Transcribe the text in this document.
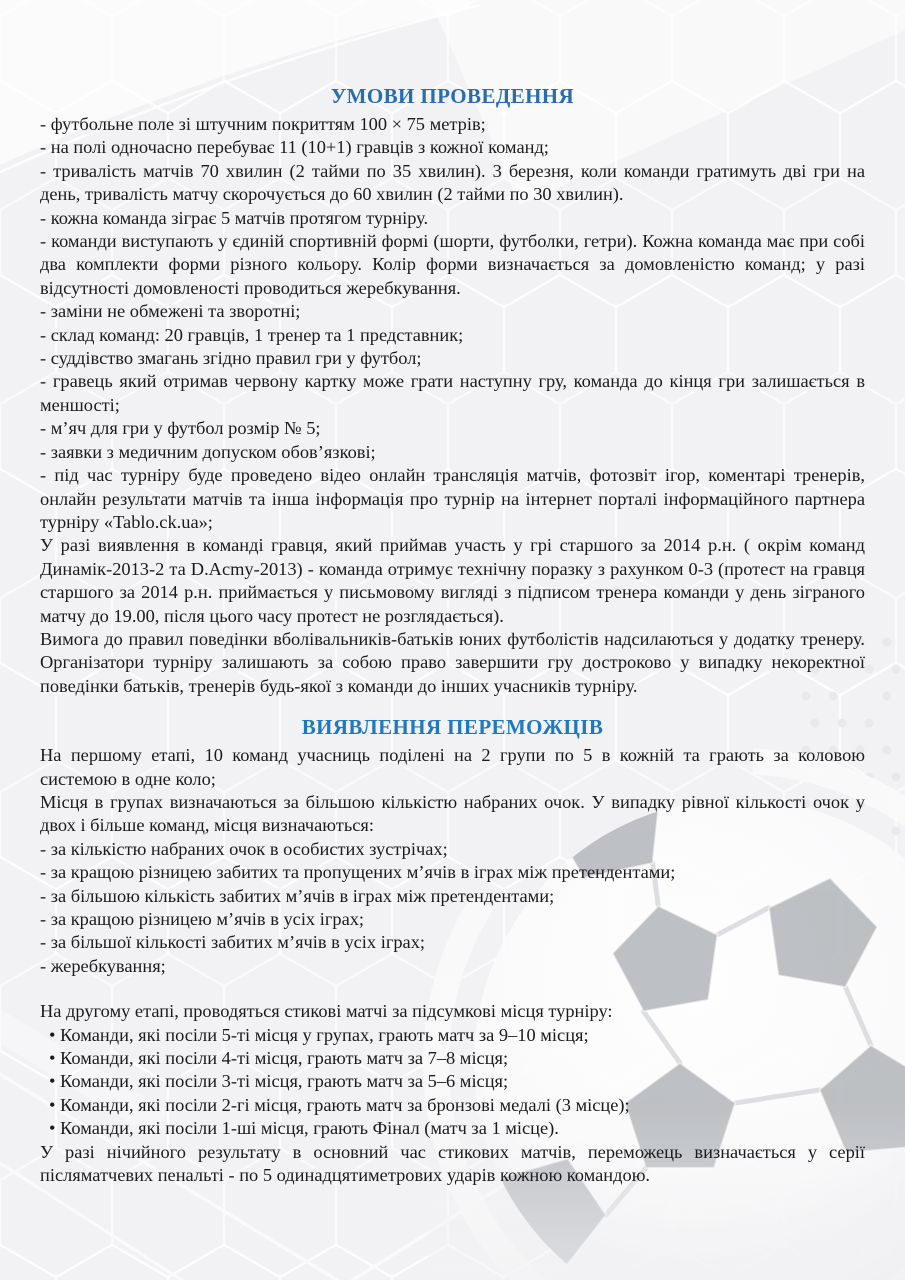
УМОВИ ПРОВЕДЕННЯ

- футбольне поле зі штучним покриттям 100 × 75 метрів;

- на полі одночасно перебуває 11 (10+1) гравців з кожної команд;

- тривалість матчів 70 хвилин (2 тайми по 35 хвилин). 3 березня, коли команди гратимуть дві гри на день, тривалість матчу скорочується до 60 хвилин (2 тайми по 30 хвилин).

- кожна команда зіграє 5 матчів протягом турніру.

- команди виступають у єдиній спортивній формі (шорти, футболки, гетри). Кожна команда має при собі два комплекти форми різного кольору. Колір форми визначається за домовленістю команд; у разі відсутності домовленості проводиться жеребкування.

- заміни не обмежені та зворотні;

- склад команд: 20 гравців, 1 тренер та 1 представник;

- суддівство змагань згідно правил гри у футбол;

- гравець який отримав червону картку може грати наступну гру, команда до кінця гри залишається в меншості;

- м’яч для гри у футбол розмір № 5;

- заявки з медичним допуском обов’язкові;

- під час турніру буде проведено відео онлайн трансляція матчів, фотозвіт ігор, коментарі тренерів, онлайн результати матчів та інша інформація про турнір на інтернет порталі інформаційного партнера турніру «Tablo.ck.ua»;

У разі виявлення в команді гравця, який приймав участь у грі старшого за 2014 р.н. ( окрім команд Динамік-2013-2 та D.Acmy-2013) - команда отримує технічну поразку з рахунком 0-3 (протест на гравця старшого за 2014 р.н. приймається у письмовому вигляді з підписом тренера команди у день зіграного матчу до 19.00, після цього часу протест не розглядається).

Вимога до правил поведінки вболівальників-батьків юних футболістів надсилаються у додатку тренеру. Організатори турніру залишають за собою право завершити гру достроково у випадку некоректної поведінки батьків, тренерів будь-якої з команди до інших учасників турніру.

ВИЯВЛЕННЯ ПЕРЕМОЖЦІВ

На першому етапі, 10 команд учасниць поділені на 2 групи по 5 в кожній та грають за коловою системою в одне коло;

Місця в групах визначаються за більшою кількістю набраних очок. У випадку рівної кількості очок у двох і більше команд, місця визначаються:

- за кількістю набраних очок в особистих зустрічах;

- за кращою різницею забитих та пропущених м’ячів в іграх між претендентами;

- за більшою кількість забитих м’ячів в іграх між претендентами;

- за кращою різницею м’ячів в усіх іграх;

- за більшої кількості забитих м’ячів в усіх іграх;

- жеребкування;

На другому етапі, проводяться стикові матчі за підсумкові місця турніру:

• Команди, які посіли 5-ті місця у групах, грають матч за 9–10 місця;

• Команди, які посіли 4-ті місця, грають матч за 7–8 місця;

• Команди, які посіли 3-ті місця, грають матч за 5–6 місця;

• Команди, які посіли 2-гі місця, грають матч за бронзові медалі (3 місце);

• Команди, які посіли 1-ші місця, грають Фінал (матч за 1 місце).

У разі нічийного результату в основний час стикових матчів, переможець визначається у серії післяматчевих пенальті - по 5 одинадцятиметрових ударів кожною командою.
